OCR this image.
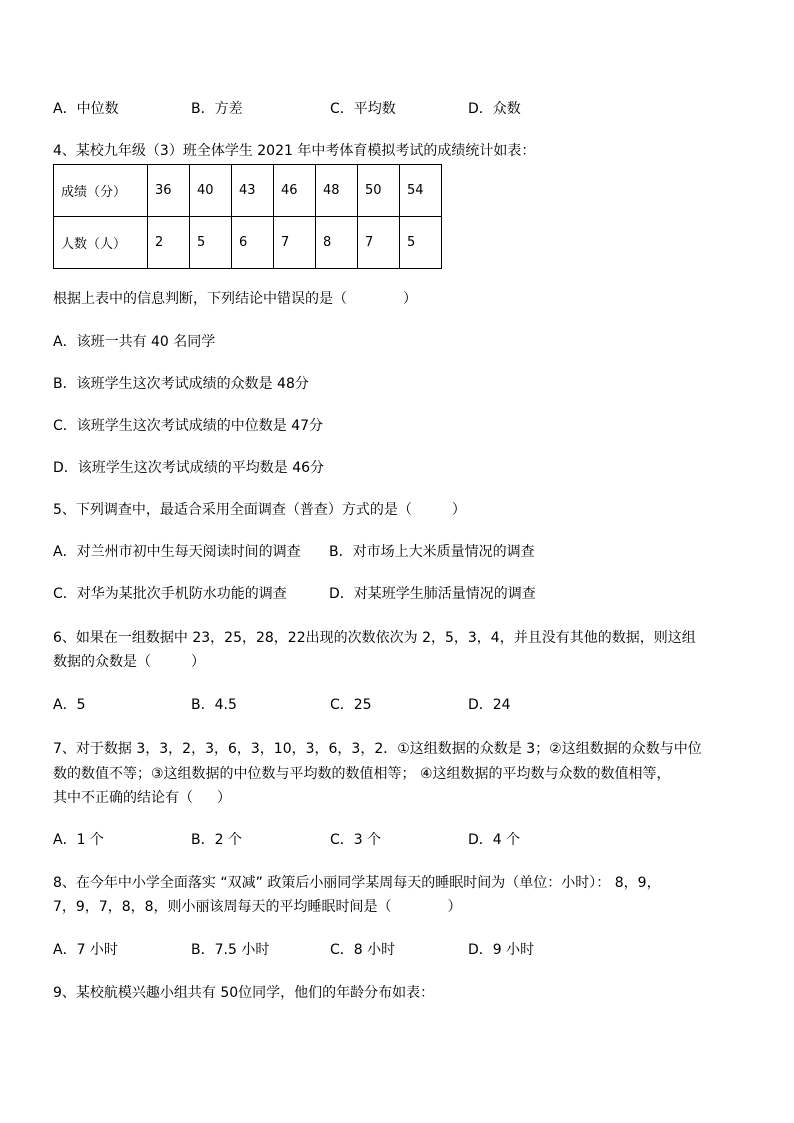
A．中位数	B．方差	C．平均数	D．众数
4、某校九年级（3）班全体学生 2021 年中考体育模拟考试的成绩统计如表：
成绩（分）	36	40	43	46	48	50	54
人数（人）	2	5	6	7	8	7	5
根据上表中的信息判断，下列结论中错误的是（	）
A．该班一共有 40 名同学
B．该班学生这次考试成绩的众数是 48分
C．该班学生这次考试成绩的中位数是 47分
D．该班学生这次考试成绩的平均数是 46分
5、下列调查中，最适合采用全面调查（普查）方式的是（	）
A．对兰州市初中生每天阅读时间的调查 B．对市场上大米质量情况的调查
C．对华为某批次手机防水功能的调查	D．对某班学生肺活量情况的调查
6、如果在一组数据中 23，25，28，22出现的次数依次为 2，5，3，4，并且没有其他的数据，则这组
数据的众数是（	）
A．5	B．4.5	C．25	D．24
7、对于数据 3，3，2，3，6，3，10，3，6，3，2．①这组数据的众数是 3；②这组数据的众数与中位
数的数值不等；③这组数据的中位数与平均数的数值相等； ④这组数据的平均数与众数的数值相等，
其中不正确的结论有（ ）
A．1 个	B．2 个	C．3 个	D．4 个
8、在今年中小学全面落实 “双减” 政策后小丽同学某周每天的睡眠时间为（单位：小时）： 8，9，
7，9，7，8，8，则小丽该周每天的平均睡眠时间是（	）
A．7 小时	B．7.5 小时	C．8 小时	D．9 小时
9、某校航模兴趣小组共有 50位同学，他们的年龄分布如表：
